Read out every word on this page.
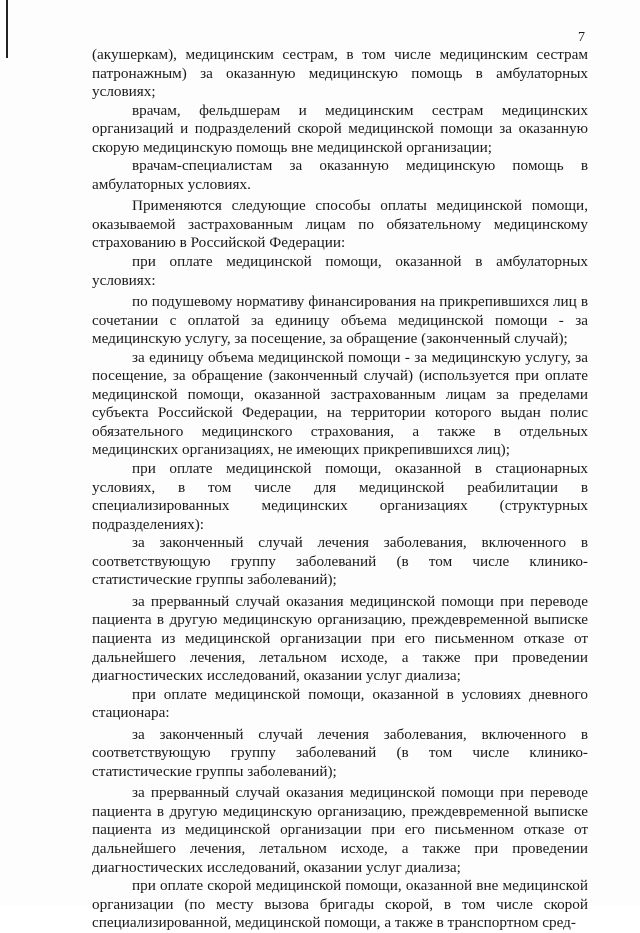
7

(акушеркам), медицинским сестрам, в том числе медицинским сестрам патронажным) за оказанную медицинскую помощь в амбулаторных условиях;

врачам, фельдшерам и медицинским сестрам медицинских организаций и подразделений скорой медицинской помощи за оказанную скорую медицинскую помощь вне медицинской организации;

врачам-специалистам за оказанную медицинскую помощь в амбулаторных условиях.

Применяются следующие способы оплаты медицинской помощи, оказываемой застрахованным лицам по обязательному медицинскому страхованию в Российской Федерации:

при оплате медицинской помощи, оказанной в амбулаторных условиях:

по подушевому нормативу финансирования на прикрепившихся лиц в сочетании с оплатой за единицу объема медицинской помощи - за медицинскую услугу, за посещение, за обращение (законченный случай);

за единицу объема медицинской помощи - за медицинскую услугу, за посещение, за обращение (законченный случай) (используется при оплате медицинской помощи, оказанной застрахованным лицам за пределами субъекта Российской Федерации, на территории которого выдан полис обязательного медицинского страхования, а также в отдельных медицинских организациях, не имеющих прикрепившихся лиц);

при оплате медицинской помощи, оказанной в стационарных условиях, в том числе для медицинской реабилитации в специализированных медицинских организациях (структурных подразделениях):

за законченный случай лечения заболевания, включенного в соответствующую группу заболеваний (в том числе клинико-статистические группы заболеваний);

за прерванный случай оказания медицинской помощи при переводе пациента в другую медицинскую организацию, преждевременной выписке пациента из медицинской организации при его письменном отказе от дальнейшего лечения, летальном исходе, а также при проведении диагностических исследований, оказании услуг диализа;

при оплате медицинской помощи, оказанной в условиях дневного стационара:

за законченный случай лечения заболевания, включенного в соответствующую группу заболеваний (в том числе клинико-статистические группы заболеваний);

за прерванный случай оказания медицинской помощи при переводе пациента в другую медицинскую организацию, преждевременной выписке пациента из медицинской организации при его письменном отказе от дальнейшего лечения, летальном исходе, а также при проведении диагностических исследований, оказании услуг диализа;

при оплате скорой медицинской помощи, оказанной вне медицинской организации (по месту вызова бригады скорой, в том числе скорой специализированной, медицинской помощи, а также в транспортном сред-
